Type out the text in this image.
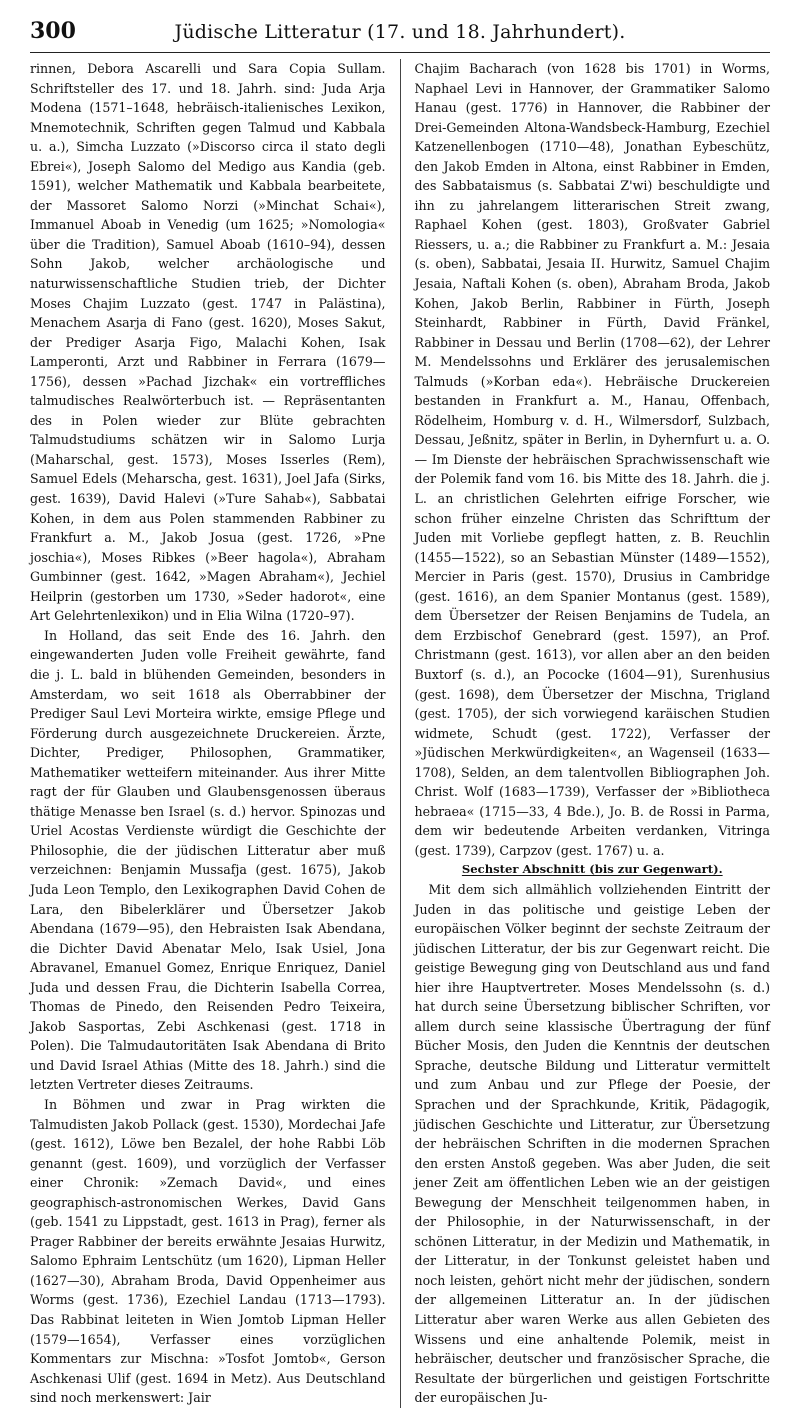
300	Jüdische Litteratur (17. und 18. Jahrhundert).

rinnen, Debora Ascarelli und Sara Copia Sullam. Schriftsteller des 17. und 18. Jahrh. sind: Juda Arja Modena (1571–1648, hebräisch-italienisches Lexikon, Mnemotechnik, Schriften gegen Talmud und Kabbala u. a.), Simcha Luzzato (»Discorso circa il stato degli Ebrei«), Joseph Salomo del Medigo aus Kandia (geb. 1591), welcher Mathematik und Kabbala bearbeitete, der Massoret Salomo Norzi (»Minchat Schai«), Immanuel Aboab in Venedig (um 1625; »Nomologia« über die Tradition), Samuel Aboab (1610–94), dessen Sohn Jakob, welcher archäologische und naturwissenschaftliche Studien trieb, der Dichter Moses Chajim Luzzato (gest. 1747 in Palästina), Menachem Asarja di Fano (gest. 1620), Moses Sakut, der Prediger Asarja Figo, Malachi Kohen, Isak Lamperonti, Arzt und Rabbiner in Ferrara (1679—1756), dessen »Pachad Jizchak« ein vortreffliches talmudisches Realwörterbuch ist. — Repräsentanten des in Polen wieder zur Blüte gebrachten Talmudstudiums schätzen wir in Salomo Lurja (Maharschal, gest. 1573), Moses Isserles (Rem), Samuel Edels (Meharscha, gest. 1631), Joel Jafa (Sirks, gest. 1639), David Halevi (»Ture Sahab«), Sabbatai Kohen, in dem aus Polen stammenden Rabbiner zu Frankfurt a. M., Jakob Josua (gest. 1726, »Pne joschia«), Moses Ribkes (»Beer hagola«), Abraham Gumbinner (gest. 1642, »Magen Abraham«), Jechiel Heilprin (gestorben um 1730, »Seder hadorot«, eine Art Gelehrtenlexikon) und in Elia Wilna (1720–97).

In Holland, das seit Ende des 16. Jahrh. den eingewanderten Juden volle Freiheit gewährte, fand die j. L. bald in blühenden Gemeinden, besonders in Amsterdam, wo seit 1618 als Oberrabbiner der Prediger Saul Levi Morteira wirkte, emsige Pflege und Förderung durch ausgezeichnete Druckereien. Ärzte, Dichter, Prediger, Philosophen, Grammatiker, Mathematiker wetteifern miteinander. Aus ihrer Mitte ragt der für Glauben und Glaubensgenossen überaus thätige Menasse ben Israel (s. d.) hervor. Spinozas und Uriel Acostas Verdienste würdigt die Geschichte der Philosophie, die der jüdischen Litteratur aber muß verzeichnen: Benjamin Mussafja (gest. 1675), Jakob Juda Leon Templo, den Lexikographen David Cohen de Lara, den Bibelerklärer und Übersetzer Jakob Abendana (1679—95), den Hebraisten Isak Abendana, die Dichter David Abenatar Melo, Isak Usiel, Jona Abravanel, Emanuel Gomez, Enrique Enriquez, Daniel Juda und dessen Frau, die Dichterin Isabella Correa, Thomas de Pinedo, den Reisenden Pedro Teixeira, Jakob Sasportas, Zebi Aschkenasi (gest. 1718 in Polen). Die Talmudautoritäten Isak Abendana di Brito und David Israel Athias (Mitte des 18. Jahrh.) sind die letzten Vertreter dieses Zeitraums.

In Böhmen und zwar in Prag wirkten die Talmudisten Jakob Pollack (gest. 1530), Mordechai Jafe (gest. 1612), Löwe ben Bezalel, der hohe Rabbi Löb genannt (gest. 1609), und vorzüglich der Verfasser einer Chronik: »Zemach David«, und eines geographisch-astronomischen Werkes, David Gans (geb. 1541 zu Lippstadt, gest. 1613 in Prag), ferner als Prager Rabbiner der bereits erwähnte Jesaias Hurwitz, Salomo Ephraim Lentschütz (um 1620), Lipman Heller (1627—30), Abraham Broda, David Oppenheimer aus Worms (gest. 1736), Ezechiel Landau (1713—1793). Das Rabbinat leiteten in Wien Jomtob Lipman Heller (1579—1654), Verfasser eines vorzüglichen Kommentars zur Mischna: »Tosfot Jomtob«, Gerson Aschkenasi Ulif (gest. 1694 in Metz). Aus Deutschland sind noch merkenswert: Jair

Chajim Bacharach (von 1628 bis 1701) in Worms, Naphael Levi in Hannover, der Grammatiker Salomo Hanau (gest. 1776) in Hannover, die Rabbiner der Drei-Gemeinden Altona-Wandsbeck-Hamburg, Ezechiel Katzenellenbogen (1710—48), Jonathan Eybeschütz, den Jakob Emden in Altona, einst Rabbiner in Emden, des Sabbataismus (s. Sabbatai Z'wi) beschuldigte und ihn zu jahrelangem litterarischen Streit zwang, Raphael Kohen (gest. 1803), Großvater Gabriel Riessers, u. a.; die Rabbiner zu Frankfurt a. M.: Jesaia (s. oben), Sabbatai, Jesaia II. Hurwitz, Samuel Chajim Jesaia, Naftali Kohen (s. oben), Abraham Broda, Jakob Kohen, Jakob Berlin, Rabbiner in Fürth, Joseph Steinhardt, Rabbiner in Fürth, David Fränkel, Rabbiner in Dessau und Berlin (1708—62), der Lehrer M. Mendelssohns und Erklärer des jerusalemischen Talmuds (»Korban eda«). Hebräische Druckereien bestanden in Frankfurt a. M., Hanau, Offenbach, Rödelheim, Homburg v. d. H., Wilmersdorf, Sulzbach, Dessau, Jeßnitz, später in Berlin, in Dyhernfurt u. a. O. — Im Dienste der hebräischen Sprachwissenschaft wie der Polemik fand vom 16. bis Mitte des 18. Jahrh. die j. L. an christlichen Gelehrten eifrige Forscher, wie schon früher einzelne Christen das Schrifttum der Juden mit Vorliebe gepflegt hatten, z. B. Reuchlin (1455—1522), so an Sebastian Münster (1489—1552), Mercier in Paris (gest. 1570), Drusius in Cambridge (gest. 1616), an dem Spanier Montanus (gest. 1589), dem Übersetzer der Reisen Benjamins de Tudela, an dem Erzbischof Genebrard (gest. 1597), an Prof. Christmann (gest. 1613), vor allen aber an den beiden Buxtorf (s. d.), an Pococke (1604—91), Surenhusius (gest. 1698), dem Übersetzer der Mischna, Trigland (gest. 1705), der sich vorwiegend karäischen Studien widmete, Schudt (gest. 1722), Verfasser der »Jüdischen Merkwürdigkeiten«, an Wagenseil (1633—1708), Selden, an dem talentvollen Bibliographen Joh. Christ. Wolf (1683—1739), Verfasser der »Bibliotheca hebraea« (1715—33, 4 Bde.), Jo. B. de Rossi in Parma, dem wir bedeutende Arbeiten verdanken, Vitringa (gest. 1739), Carpzov (gest. 1767) u. a.

Sechster Abschnitt (bis zur Gegenwart).

Mit dem sich allmählich vollziehenden Eintritt der Juden in das politische und geistige Leben der europäischen Völker beginnt der sechste Zeitraum der jüdischen Litteratur, der bis zur Gegenwart reicht. Die geistige Bewegung ging von Deutschland aus und fand hier ihre Hauptvertreter. Moses Mendelssohn (s. d.) hat durch seine Übersetzung biblischer Schriften, vor allem durch seine klassische Übertragung der fünf Bücher Mosis, den Juden die Kenntnis der deutschen Sprache, deutsche Bildung und Litteratur vermittelt und zum Anbau und zur Pflege der Poesie, der Sprachen und der Sprachkunde, Kritik, Pädagogik, jüdischen Geschichte und Litteratur, zur Übersetzung der hebräischen Schriften in die modernen Sprachen den ersten Anstoß gegeben. Was aber Juden, die seit jener Zeit am öffentlichen Leben wie an der geistigen Bewegung der Menschheit teilgenommen haben, in der Philosophie, in der Naturwissenschaft, in der schönen Litteratur, in der Medizin und Mathematik, in der Litteratur, in der Tonkunst geleistet haben und noch leisten, gehört nicht mehr der jüdischen, sondern der allgemeinen Litteratur an. In der jüdischen Litteratur aber waren Werke aus allen Gebieten des Wissens und eine anhaltende Polemik, meist in hebräischer, deutscher und französischer Sprache, die Resultate der bürgerlichen und geistigen Fortschritte der europäischen Ju-
